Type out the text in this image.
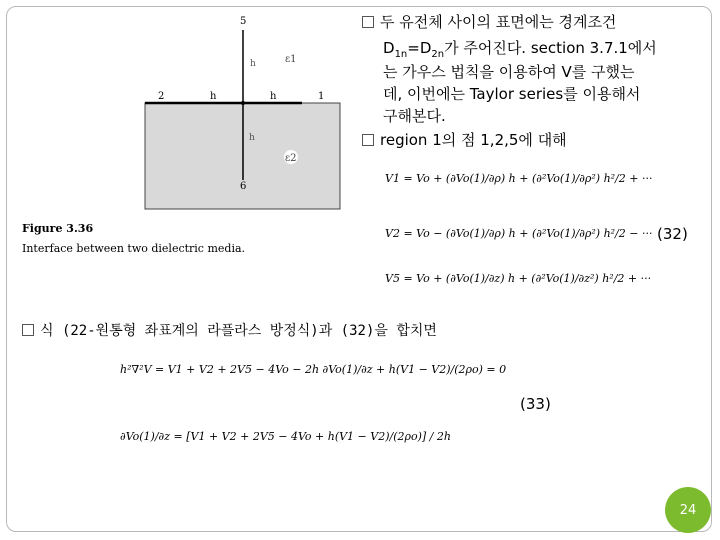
5
2	h	h	1
h
h
6
ε1
ε2
Figure 3.36
Interface between two dielectric media.
두 유전체 사이의 표면에는 경계조건
$D_{1n}=D_{2n}$가 주어진다. section 3.7.1에서
는 가우스 법칙을 이용하여 V를 구했는
데, 이번에는 Taylor series를 이용해서
구해본다.
region 1의 점 1,2,5에 대해
V1 = Vo + (∂Vo(1)/∂ρ) h + (∂²Vo(1)/∂ρ²) h²/2 + ···
V2 = Vo − (∂Vo(1)/∂ρ) h + (∂²Vo(1)/∂ρ²) h²/2 − ···
V5 = Vo + (∂Vo(1)/∂z) h + (∂²Vo(1)/∂z²) h²/2 + ···
(32)
식 (22-원통형 좌표계의 라플라스 방정식)과 (32)을 합치면
h²∇²V = V1 + V2 + 2V5 − 4Vo − 2h ∂Vo(1)/∂z + h(V1 − V2)/(2ρo) = 0
∂Vo(1)/∂z = [V1 + V2 + 2V5 − 4Vo + h(V1 − V2)/(2ρo)] / 2h
(33)
24
